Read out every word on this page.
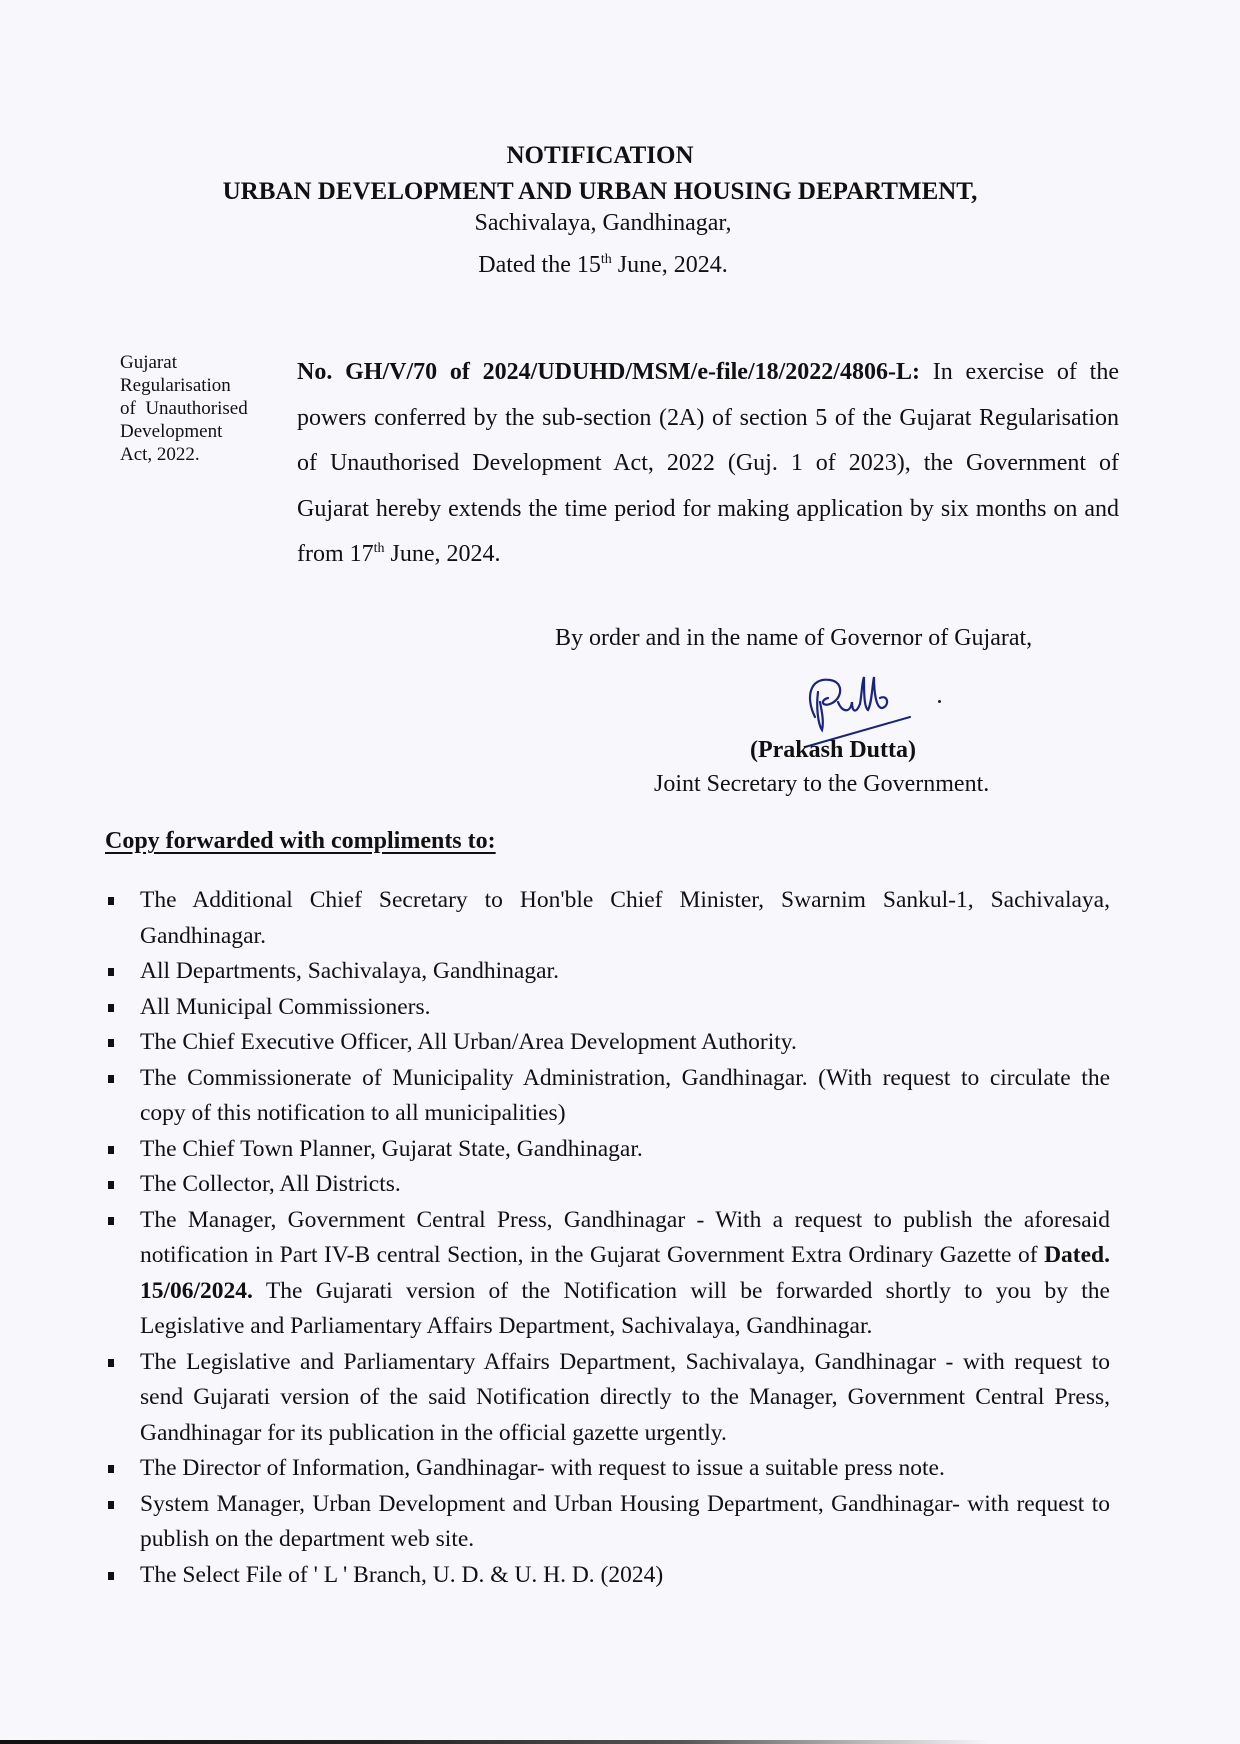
NOTIFICATION
URBAN DEVELOPMENT AND URBAN HOUSING DEPARTMENT,
Sachivalaya, Gandhinagar,
Dated the 15th June, 2024.
Gujarat
Regularisation
of  Unauthorised
Development
Act, 2022.
No. GH/V/70 of 2024/UDUHD/MSM/e-file/18/2022/4806-L: In exercise of the powers conferred by the sub-section (2A) of section 5 of the Gujarat Regularisation of Unauthorised Development Act, 2022 (Guj. 1 of 2023), the Government of Gujarat hereby extends the time period for making application by six months on and from 17th June, 2024.
By order and in the name of Governor of Gujarat,
(Prakash Dutta)
Joint Secretary to the Government.
Copy forwarded with compliments to:
The Additional Chief Secretary to Hon'ble Chief Minister, Swarnim Sankul-1, Sachivalaya, Gandhinagar.
All Departments, Sachivalaya, Gandhinagar.
All Municipal Commissioners.
The Chief Executive Officer, All Urban/Area Development Authority.
The Commissionerate of Municipality Administration, Gandhinagar. (With request to circulate the copy of this notification to all municipalities)
The Chief Town Planner, Gujarat State, Gandhinagar.
The Collector, All Districts.
The Manager, Government Central Press, Gandhinagar - With a request to publish the aforesaid notification in Part IV-B central Section, in the Gujarat Government Extra Ordinary Gazette of Dated. 15/06/2024. The Gujarati version of the Notification will be forwarded shortly to you by the Legislative and Parliamentary Affairs Department, Sachivalaya, Gandhinagar.
The Legislative and Parliamentary Affairs Department, Sachivalaya, Gandhinagar - with request to send Gujarati version of the said Notification directly to the Manager, Government Central Press, Gandhinagar for its publication in the official gazette urgently.
The Director of Information, Gandhinagar- with request to issue a suitable press note.
System Manager, Urban Development and Urban Housing Department, Gandhinagar- with request to publish on the department web site.
The Select File of ' L ' Branch, U. D. & U. H. D. (2024)
